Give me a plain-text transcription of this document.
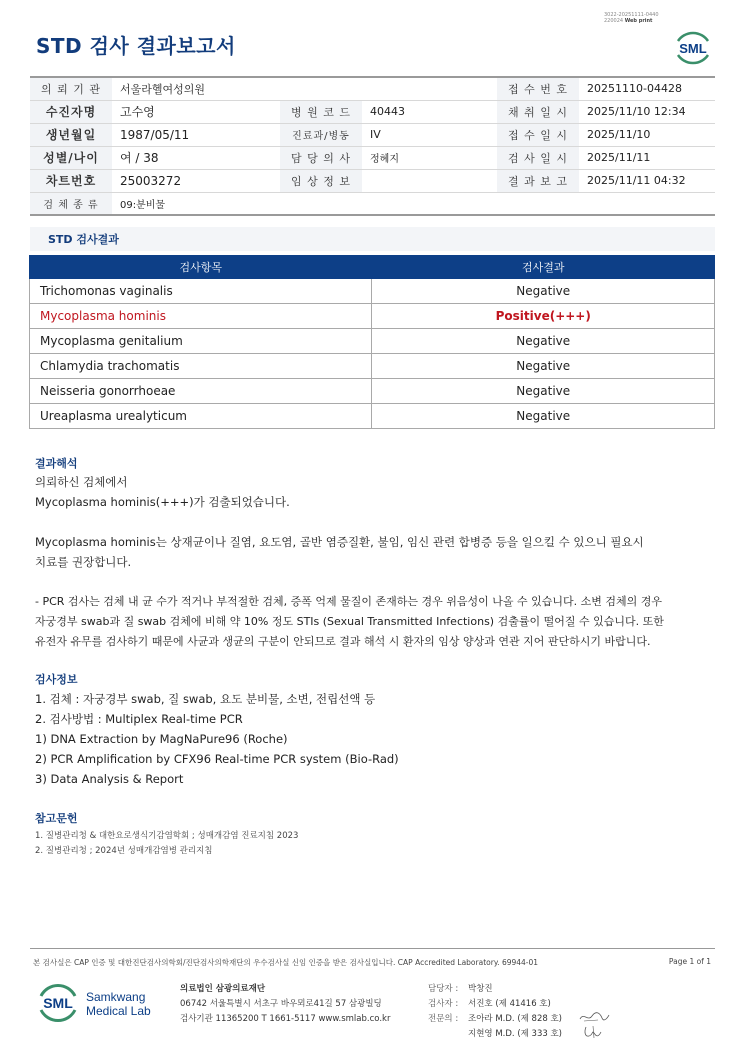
3022-20251111-0440
220024 Web print
STD 검사 결과보고서	SML
의 뢰 기 관	서울라헬여성의원			접 수 번 호	20251110-04428
수진자명	고수영	병 원 코 드	40443	채 취 일 시	2025/11/10 12:34
생년월일	1987/05/11	진료과/병동	IV	접 수 일 시	2025/11/10
성별/나이	여 / 38	담 당 의 사	정혜지	검 사 일 시	2025/11/11
차트번호	25003272	임 상 정 보		결 과 보 고	2025/11/11 04:32
검 체 종 류	09:분비물				
STD 검사결과
검사항목	검사결과
Trichomonas vaginalis	Negative
Mycoplasma hominis	Positive(+++)
Mycoplasma genitalium	Negative
Chlamydia trachomatis	Negative
Neisseria gonorrhoeae	Negative
Ureaplasma urealyticum	Negative
결과해석
의뢰하신 검체에서
Mycoplasma hominis(+++)가 검출되었습니다.
Mycoplasma hominis는 상재균이나 질염, 요도염, 골반 염증질환, 불임, 임신 관련 합병증 등을 일으킬 수 있으니 필요시
치료를 권장합니다.
- PCR 검사는 검체 내 균 수가 적거나 부적절한 검체, 증폭 억제 물질이 존재하는 경우 위음성이 나올 수 있습니다. 소변 검체의 경우
자궁경부 swab과 질 swab 검체에 비해 약 10% 정도 STIs (Sexual Transmitted Infections) 검출률이 떨어질 수 있습니다. 또한
유전자 유무를 검사하기 때문에 사균과 생균의 구분이 안되므로 결과 해석 시 환자의 임상 양상과 연관 지어 판단하시기 바랍니다.
검사정보
1. 검체 : 자궁경부 swab, 질 swab, 요도 분비물, 소변, 전립선액 등
2. 검사방법 : Multiplex Real-time PCR
1) DNA Extraction by MagNaPure96 (Roche)
2) PCR Amplification by CFX96 Real-time PCR system (Bio-Rad)
3) Data Analysis & Report
참고문헌
1. 질병관리청 & 대한요로생식기감염학회 ; 성매개감염 진료지침 2023
2. 질병관리청 ; 2024년 성매개감염병 관리지침
본 검사실은 CAP 인증 및 대한진단검사의학회/진단검사의학재단의 우수검사실 신임 인증을 받은 검사실입니다. CAP Accredited Laboratory. 69944-01	Page 1 of 1
SML Samkwang
Medical Lab
의료법인 삼광의료재단
06742 서울특별시 서초구 바우뫼로41길 57 삼광빌딩
검사기관 11365200 T 1661-5117 www.smlab.co.kr
담당자 :	박창진
검사자 :	서진호 (제 41416 호)
전문의 :	조아라 M.D. (제 828 호)
지현영 M.D. (제 333 호)
